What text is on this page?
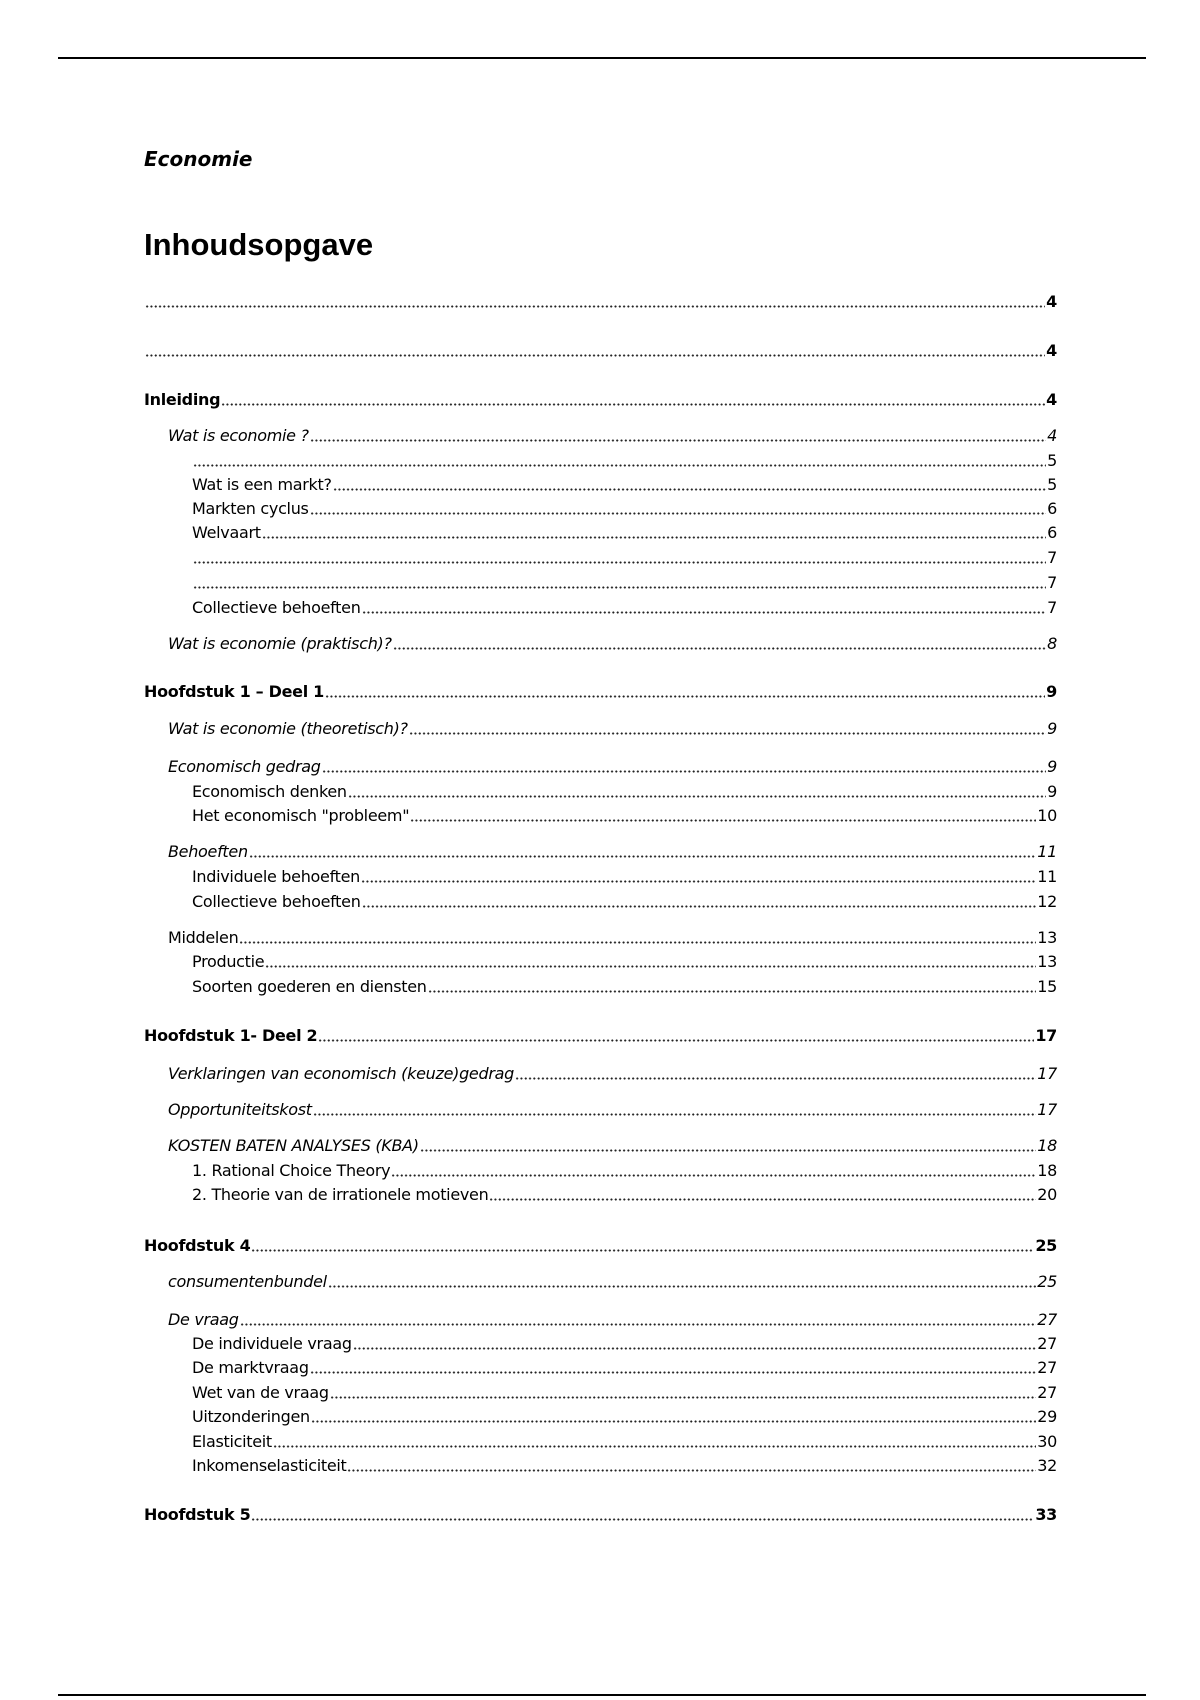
Economie
Inhoudsopgave
4
4
Inleiding	4
Wat is economie ?	4
5
Wat is een markt?	5
Markten cyclus	6
Welvaart	6
7
7
Collectieve behoeften	7
Wat is economie (praktisch)?	8
Hoofdstuk 1 – Deel 1	9
Wat is economie (theoretisch)?	9
Economisch gedrag	9
Economisch denken	9
Het economisch "probleem"	10
Behoeften	11
Individuele behoeften	11
Collectieve behoeften	12
Middelen	13
Productie	13
Soorten goederen en diensten	15
Hoofdstuk 1- Deel 2	17
Verklaringen van economisch (keuze)gedrag	17
Opportuniteitskost	17
KOSTEN BATEN ANALYSES (KBA)	18
1. Rational Choice Theory	18
2. Theorie van de irrationele motieven	20
Hoofdstuk 4	25
consumentenbundel	25
De vraag	27
De individuele vraag	27
De marktvraag	27
Wet van de vraag	27
Uitzonderingen	29
Elasticiteit	30
Inkomenselasticiteit	32
Hoofdstuk 5	33
